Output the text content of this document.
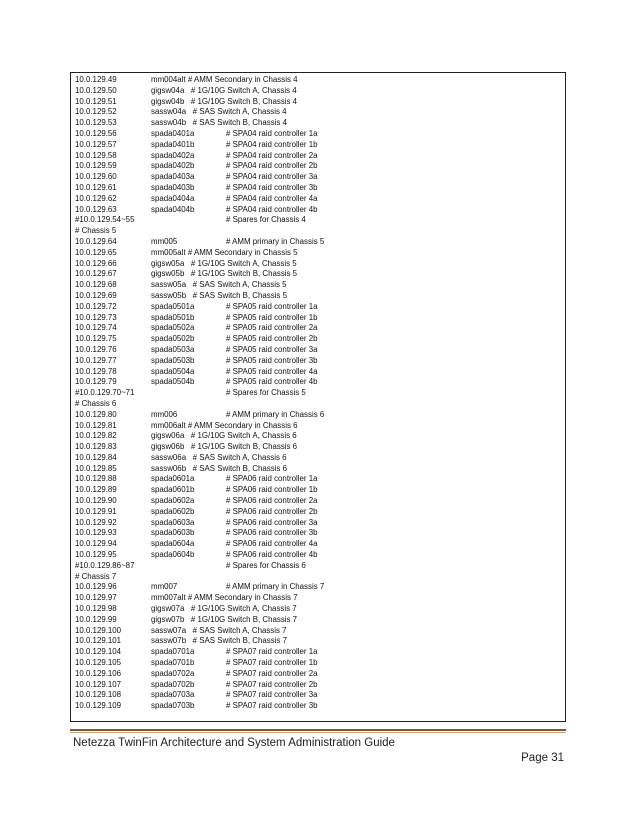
10.0.129.49	mm004alt # AMM Secondary in Chassis 4
10.0.129.50	gigsw04a   # 1G/10G Switch A, Chassis 4
10.0.129.51	gigsw04b   # 1G/10G Switch B, Chassis 4
10.0.129.52	sassw04a   # SAS Switch A, Chassis 4
10.0.129.53	sassw04b   # SAS Switch B, Chassis 4
10.0.129.56	spada0401a	# SPA04 raid controller 1a
10.0.129.57	spada0401b	# SPA04 raid controller 1b
10.0.129.58	spada0402a	# SPA04 raid controller 2a
10.0.129.59	spada0402b	# SPA04 raid controller 2b
10.0.129.60	spada0403a	# SPA04 raid controller 3a
10.0.129.61	spada0403b	# SPA04 raid controller 3b
10.0.129.62	spada0404a	# SPA04 raid controller 4a
10.0.129.63	spada0404b	# SPA04 raid controller 4b
#10.0.129.54~55	# Spares for Chassis 4
# Chassis 5
10.0.129.64	mm005	# AMM primary in Chassis 5
10.0.129.65	mm005alt # AMM Secondary in Chassis 5
10.0.129.66	gigsw05a   # 1G/10G Switch A, Chassis 5
10.0.129.67	gigsw05b   # 1G/10G Switch B, Chassis 5
10.0.129.68	sassw05a   # SAS Switch A, Chassis 5
10.0.129.69	sassw05b   # SAS Switch B, Chassis 5
10.0.129.72	spada0501a	# SPA05 raid controller 1a
10.0.129.73	spada0501b	# SPA05 raid controller 1b
10.0.129.74	spada0502a	# SPA05 raid controller 2a
10.0.129.75	spada0502b	# SPA05 raid controller 2b
10.0.129.76	spada0503a	# SPA05 raid controller 3a
10.0.129.77	spada0503b	# SPA05 raid controller 3b
10.0.129.78	spada0504a	# SPA05 raid controller 4a
10.0.129.79	spada0504b	# SPA05 raid controller 4b
#10.0.129.70~71	# Spares for Chassis 5
# Chassis 6
10.0.129.80	mm006	# AMM primary in Chassis 6
10.0.129.81	mm006alt # AMM Secondary in Chassis 6
10.0.129.82	gigsw06a   # 1G/10G Switch A, Chassis 6
10.0.129.83	gigsw06b   # 1G/10G Switch B, Chassis 6
10.0.129.84	sassw06a   # SAS Switch A, Chassis 6
10.0.129.85	sassw06b   # SAS Switch B, Chassis 6
10.0.129.88	spada0601a	# SPA06 raid controller 1a
10.0.129.89	spada0601b	# SPA06 raid controller 1b
10.0.129.90	spada0602a	# SPA06 raid controller 2a
10.0.129.91	spada0602b	# SPA06 raid controller 2b
10.0.129.92	spada0603a	# SPA06 raid controller 3a
10.0.129.93	spada0603b	# SPA06 raid controller 3b
10.0.129.94	spada0604a	# SPA06 raid controller 4a
10.0.129.95	spada0604b	# SPA06 raid controller 4b
#10.0.129.86~87	# Spares for Chassis 6
# Chassis 7
10.0.129.96	mm007	# AMM primary in Chassis 7
10.0.129.97	mm007alt # AMM Secondary in Chassis 7
10.0.129.98	gigsw07a   # 1G/10G Switch A, Chassis 7
10.0.129.99	gigsw07b   # 1G/10G Switch B, Chassis 7
10.0.129.100	sassw07a   # SAS Switch A, Chassis 7
10.0.129.101	sassw07b   # SAS Switch B, Chassis 7
10.0.129.104	spada0701a	# SPA07 raid controller 1a
10.0.129.105	spada0701b	# SPA07 raid controller 1b
10.0.129.106	spada0702a	# SPA07 raid controller 2a
10.0.129.107	spada0702b	# SPA07 raid controller 2b
10.0.129.108	spada0703a	# SPA07 raid controller 3a
10.0.129.109	spada0703b	# SPA07 raid controller 3b
Netezza TwinFin Architecture and System Administration Guide
Page 31
